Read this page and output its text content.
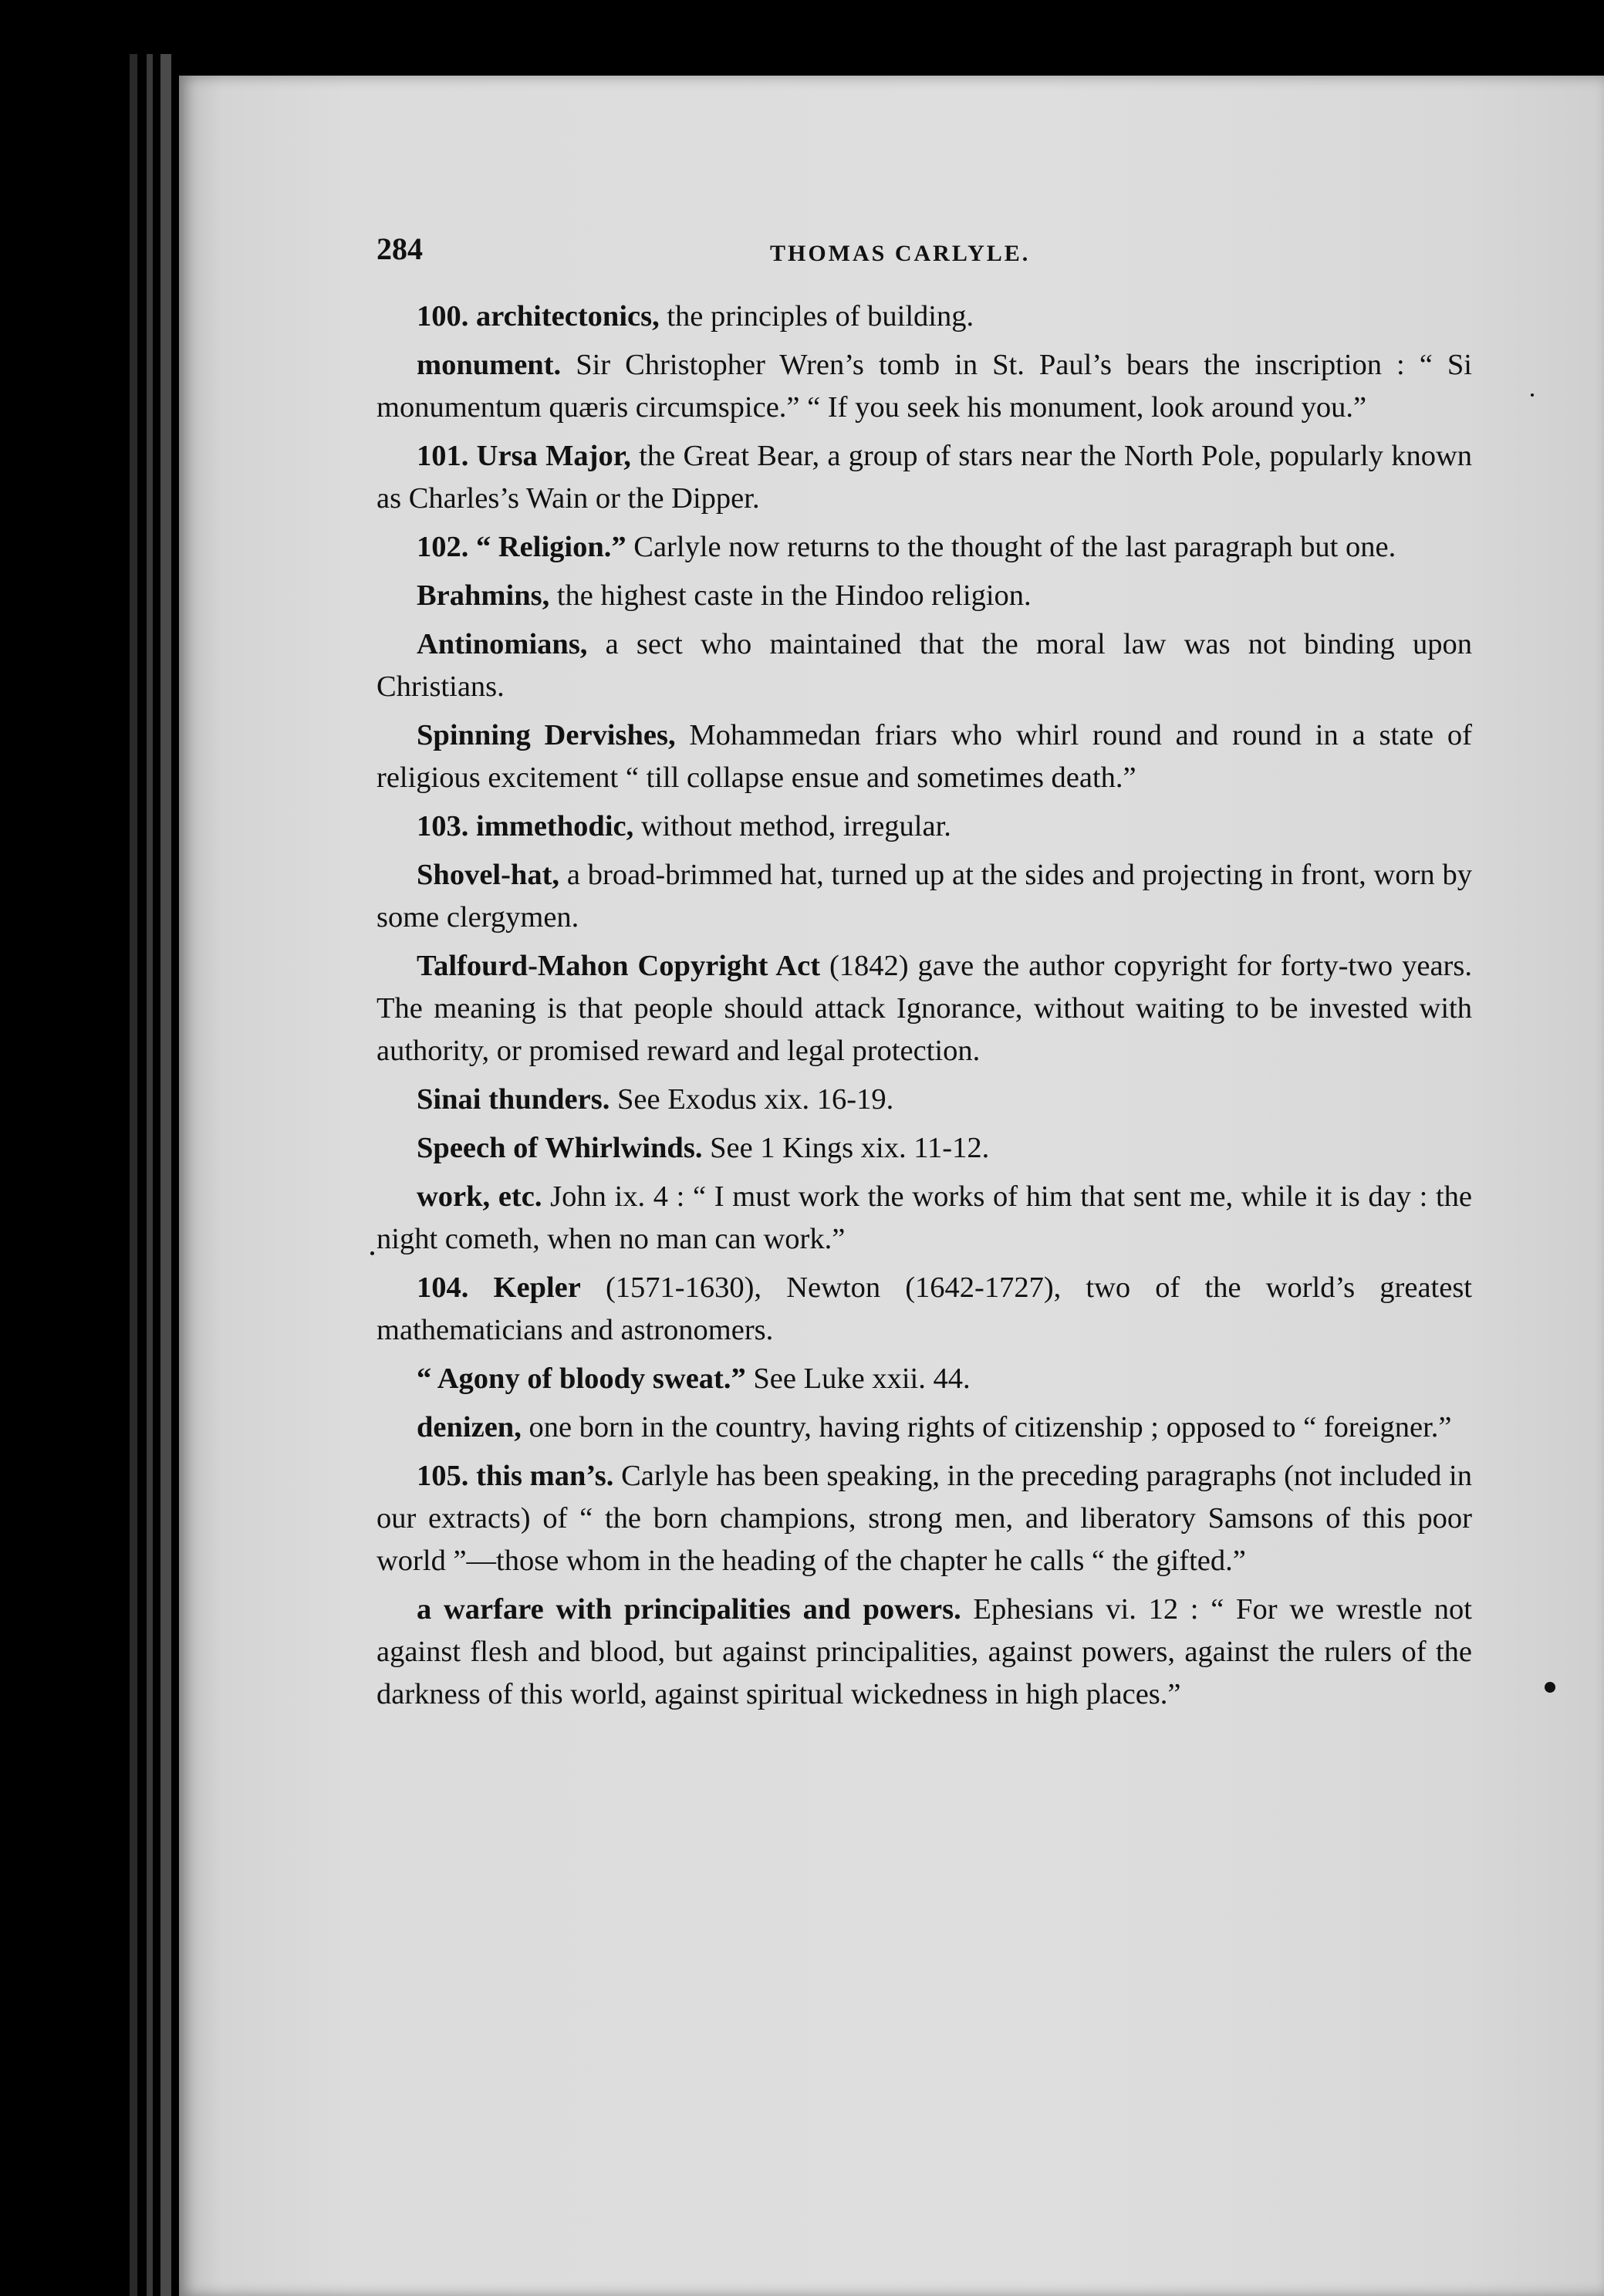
284	THOMAS CARLYLE.

100. architectonics, the principles of building.

monument. Sir Christopher Wren’s tomb in St. Paul’s bears the inscription : “ Si monumentum quæris circumspice.” “ If you seek his monument, look around you.”

101. Ursa Major, the Great Bear, a group of stars near the North Pole, popularly known as Charles’s Wain or the Dipper.

102. “ Religion.” Carlyle now returns to the thought of the last paragraph but one.

Brahmins, the highest caste in the Hindoo religion.

Antinomians, a sect who maintained that the moral law was not binding upon Christians.

Spinning Dervishes, Mohammedan friars who whirl round and round in a state of religious excitement “ till collapse ensue and sometimes death.”

103. immethodic, without method, irregular.

Shovel-hat, a broad-brimmed hat, turned up at the sides and projecting in front, worn by some clergymen.

Talfourd-Mahon Copyright Act (1842) gave the author copyright for forty-two years. The meaning is that people should attack Ignorance, without waiting to be invested with authority, or promised reward and legal protection.

Sinai thunders. See Exodus xix. 16-19.

Speech of Whirlwinds. See 1 Kings xix. 11-12.

work, etc. John ix. 4 : “ I must work the works of him that sent me, while it is day : the night cometh, when no man can work.”

104. Kepler (1571-1630), Newton (1642-1727), two of the world’s greatest mathematicians and astronomers.

“ Agony of bloody sweat.” See Luke xxii. 44.

denizen, one born in the country, having rights of citizenship ; opposed to “ foreigner.”

105. this man’s. Carlyle has been speaking, in the preceding paragraphs (not included in our extracts) of “ the born champions, strong men, and liberatory Samsons of this poor world ”—those whom in the heading of the chapter he calls “ the gifted.”

a warfare with principalities and powers. Ephesians vi. 12 : “ For we wrestle not against flesh and blood, but against principalities, against powers, against the rulers of the darkness of this world, against spiritual wickedness in high places.”
